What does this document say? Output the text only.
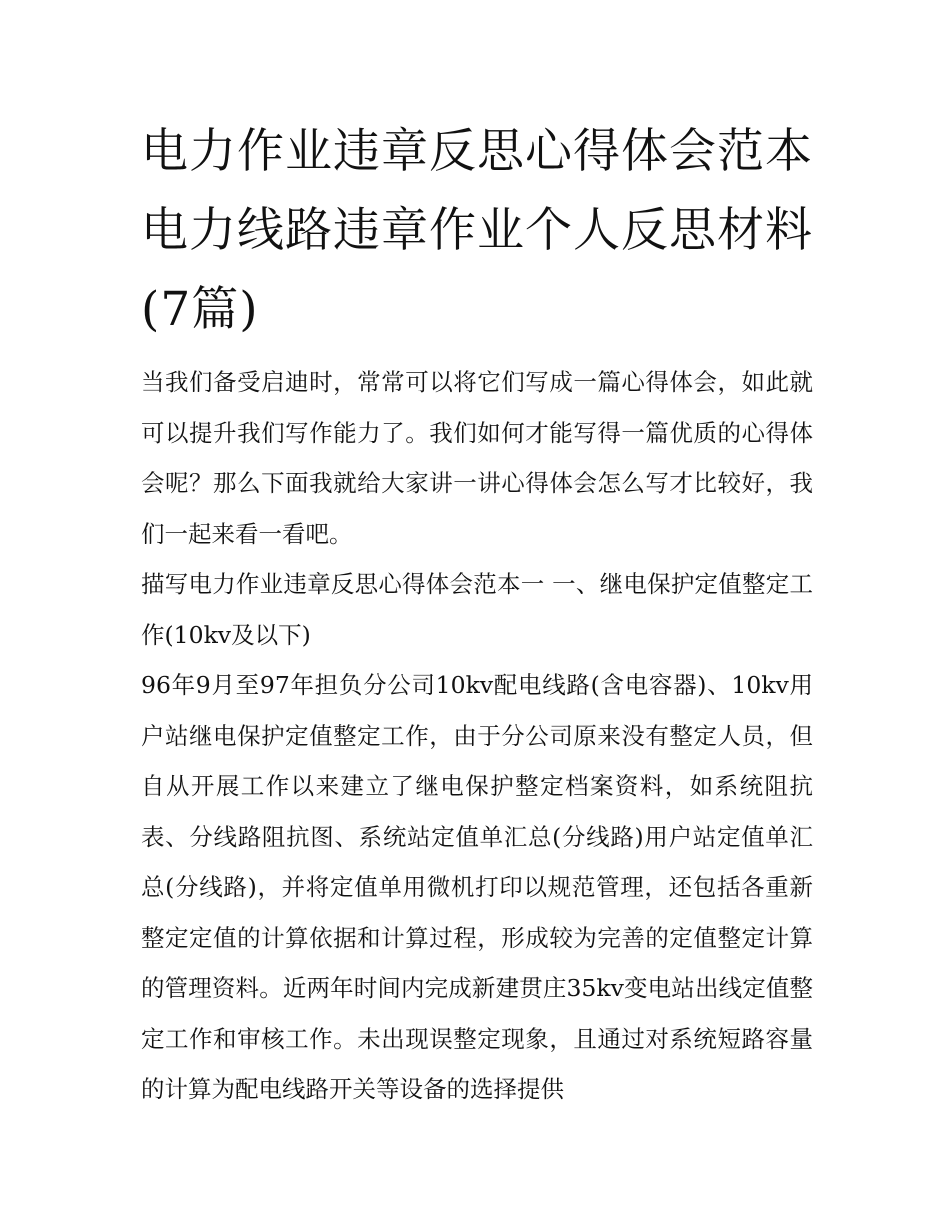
电力作业违章反思心得体会范本 电力线路违章作业个人反思材料(7篇)

当我们备受启迪时，常常可以将它们写成一篇心得体会，如此就可以提升我们写作能力了。我们如何才能写得一篇优质的心得体会呢？那么下面我就给大家讲一讲心得体会怎么写才比较好，我们一起来看一看吧。

描写电力作业违章反思心得体会范本一 一、继电保护定值整定工作(10kv及以下)

96年9月至97年担负分公司10kv配电线路(含电容器)、10kv用户站继电保护定值整定工作，由于分公司原来没有整定人员，但自从开展工作以来建立了继电保护整定档案资料，如系统阻抗表、分线路阻抗图、系统站定值单汇总(分线路)用户站定值单汇总(分线路)，并将定值单用微机打印以规范管理，还包括各重新整定定值的计算依据和计算过程，形成较为完善的定值整定计算的管理资料。近两年时间内完成新建贯庄35kv变电站出线定值整定工作和审核工作。未出现误整定现象，且通过对系统短路容量的计算为配电线路开关等设备的选择提供
